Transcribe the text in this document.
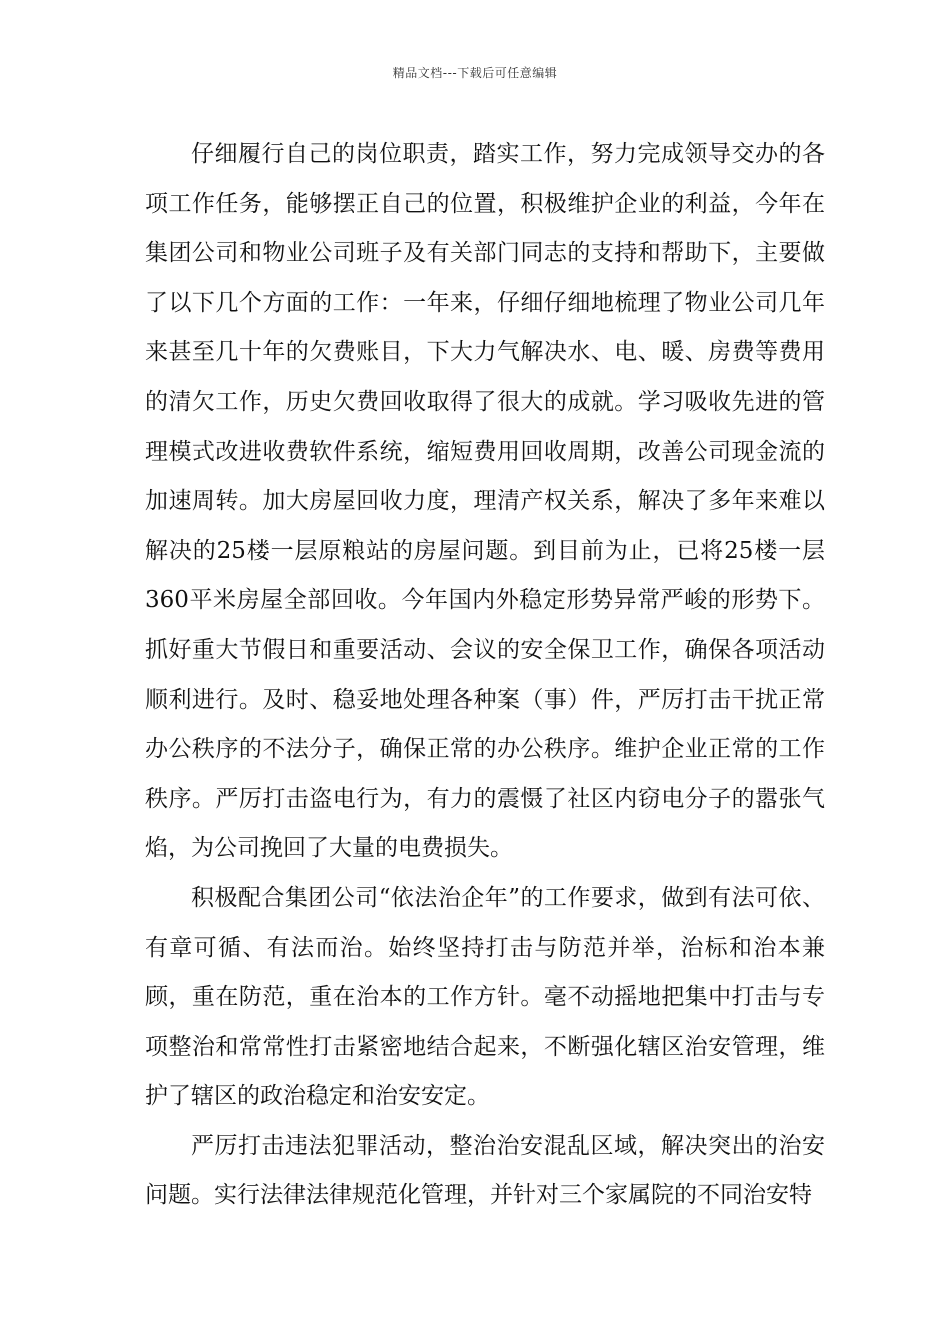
精品文档---下载后可任意编辑

仔细履行自己的岗位职责，踏实工作，努力完成领导交办的各项工作任务，能够摆正自己的位置，积极维护企业的利益，今年在集团公司和物业公司班子及有关部门同志的支持和帮助下，主要做了以下几个方面的工作：一年来，仔细仔细地梳理了物业公司几年来甚至几十年的欠费账目，下大力气解决水、电、暖、房费等费用的清欠工作，历史欠费回收取得了很大的成就。学习吸收先进的管理模式改进收费软件系统，缩短费用回收周期，改善公司现金流的加速周转。加大房屋回收力度，理清产权关系，解决了多年来难以解决的25楼一层原粮站的房屋问题。到目前为止，已将25楼一层360平米房屋全部回收。今年国内外稳定形势异常严峻的形势下。抓好重大节假日和重要活动、会议的安全保卫工作，确保各项活动顺利进行。及时、稳妥地处理各种案（事）件，严厉打击干扰正常办公秩序的不法分子，确保正常的办公秩序。维护企业正常的工作秩序。严厉打击盗电行为，有力的震慑了社区内窃电分子的嚣张气焰，为公司挽回了大量的电费损失。

积极配合集团公司“依法治企年”的工作要求，做到有法可依、有章可循、有法而治。始终坚持打击与防范并举，治标和治本兼顾，重在防范，重在治本的工作方针。毫不动摇地把集中打击与专项整治和常常性打击紧密地结合起来，不断强化辖区治安管理，维护了辖区的政治稳定和治安安定。

严厉打击违法犯罪活动，整治治安混乱区域，解决突出的治安问题。实行法律法律规范化管理，并针对三个家属院的不同治安特
